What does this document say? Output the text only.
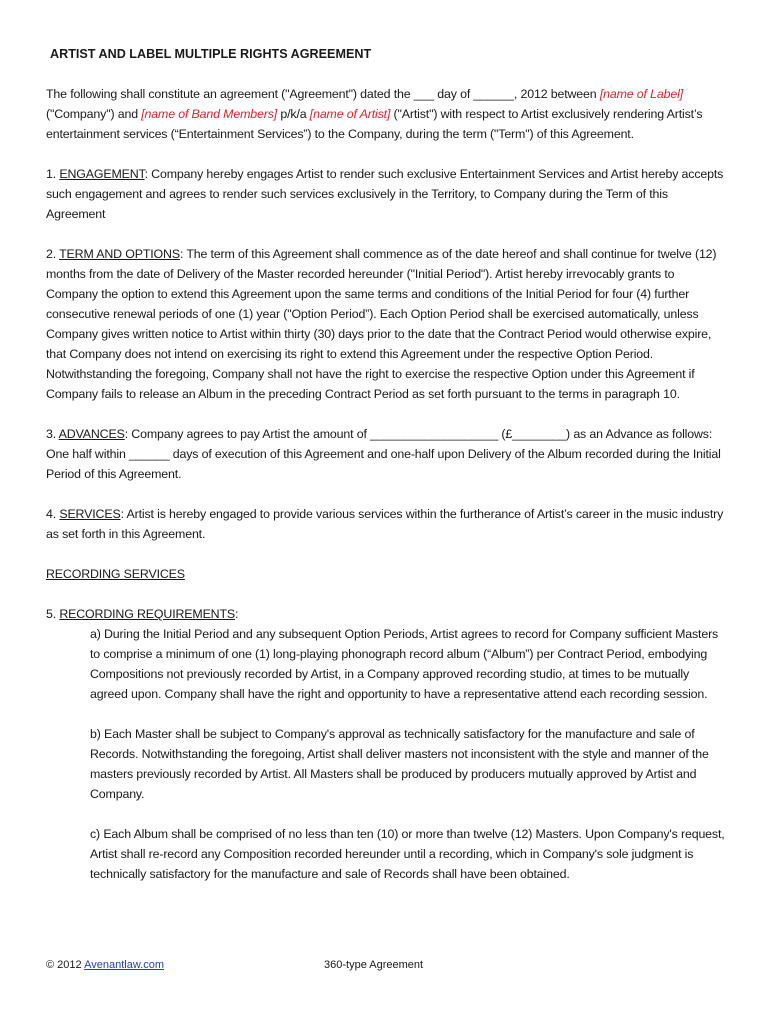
ARTIST AND LABEL MULTIPLE RIGHTS AGREEMENT

The following shall constitute an agreement ("Agreement") dated the ___ day of ______, 2012 between [name of Label] ("Company") and [name of Band Members] p/k/a [name of Artist] ("Artist") with respect to Artist exclusively rendering Artist’s entertainment services (“Entertainment Services”) to the Company, during the term ("Term") of this Agreement.

1. ENGAGEMENT: Company hereby engages Artist to render such exclusive Entertainment Services and Artist hereby accepts such engagement and agrees to render such services exclusively in the Territory, to Company during the Term of this Agreement

2. TERM AND OPTIONS: The term of this Agreement shall commence as of the date hereof and shall continue for twelve (12) months from the date of Delivery of the Master recorded hereunder ("Initial Period"). Artist hereby irrevocably grants to Company the option to extend this Agreement upon the same terms and conditions of the Initial Period for four (4) further consecutive renewal periods of one (1) year ("Option Period”). Each Option Period shall be exercised automatically, unless Company gives written notice to Artist within thirty (30) days prior to the date that the Contract Period would otherwise expire, that Company does not intend on exercising its right to extend this Agreement under the respective Option Period. Notwithstanding the foregoing, Company shall not have the right to exercise the respective Option under this Agreement if Company fails to release an Album in the preceding Contract Period as set forth pursuant to the terms in paragraph 10.

3. ADVANCES: Company agrees to pay Artist the amount of ___________________ (£________) as an Advance as follows: One half within ______ days of execution of this Agreement and one-half upon Delivery of the Album recorded during the Initial Period of this Agreement.

4. SERVICES: Artist is hereby engaged to provide various services within the furtherance of Artist’s career in the music industry as set forth in this Agreement.

RECORDING SERVICES

5. RECORDING REQUIREMENTS:

a) During the Initial Period and any subsequent Option Periods, Artist agrees to record for Company sufficient Masters to comprise a minimum of one (1) long-playing phonograph record album (“Album”) per Contract Period, embodying Compositions not previously recorded by Artist, in a Company approved recording studio, at times to be mutually agreed upon. Company shall have the right and opportunity to have a representative attend each recording session.

b) Each Master shall be subject to Company's approval as technically satisfactory for the manufacture and sale of Records. Notwithstanding the foregoing, Artist shall deliver masters not inconsistent with the style and manner of the masters previously recorded by Artist. All Masters shall be produced by producers mutually approved by Artist and Company.

c) Each Album shall be comprised of no less than ten (10) or more than twelve (12) Masters. Upon Company's request, Artist shall re-record any Composition recorded hereunder until a recording, which in Company's sole judgment is technically satisfactory for the manufacture and sale of Records shall have been obtained.

© 2012 Avenantlaw.com	360-type Agreement
